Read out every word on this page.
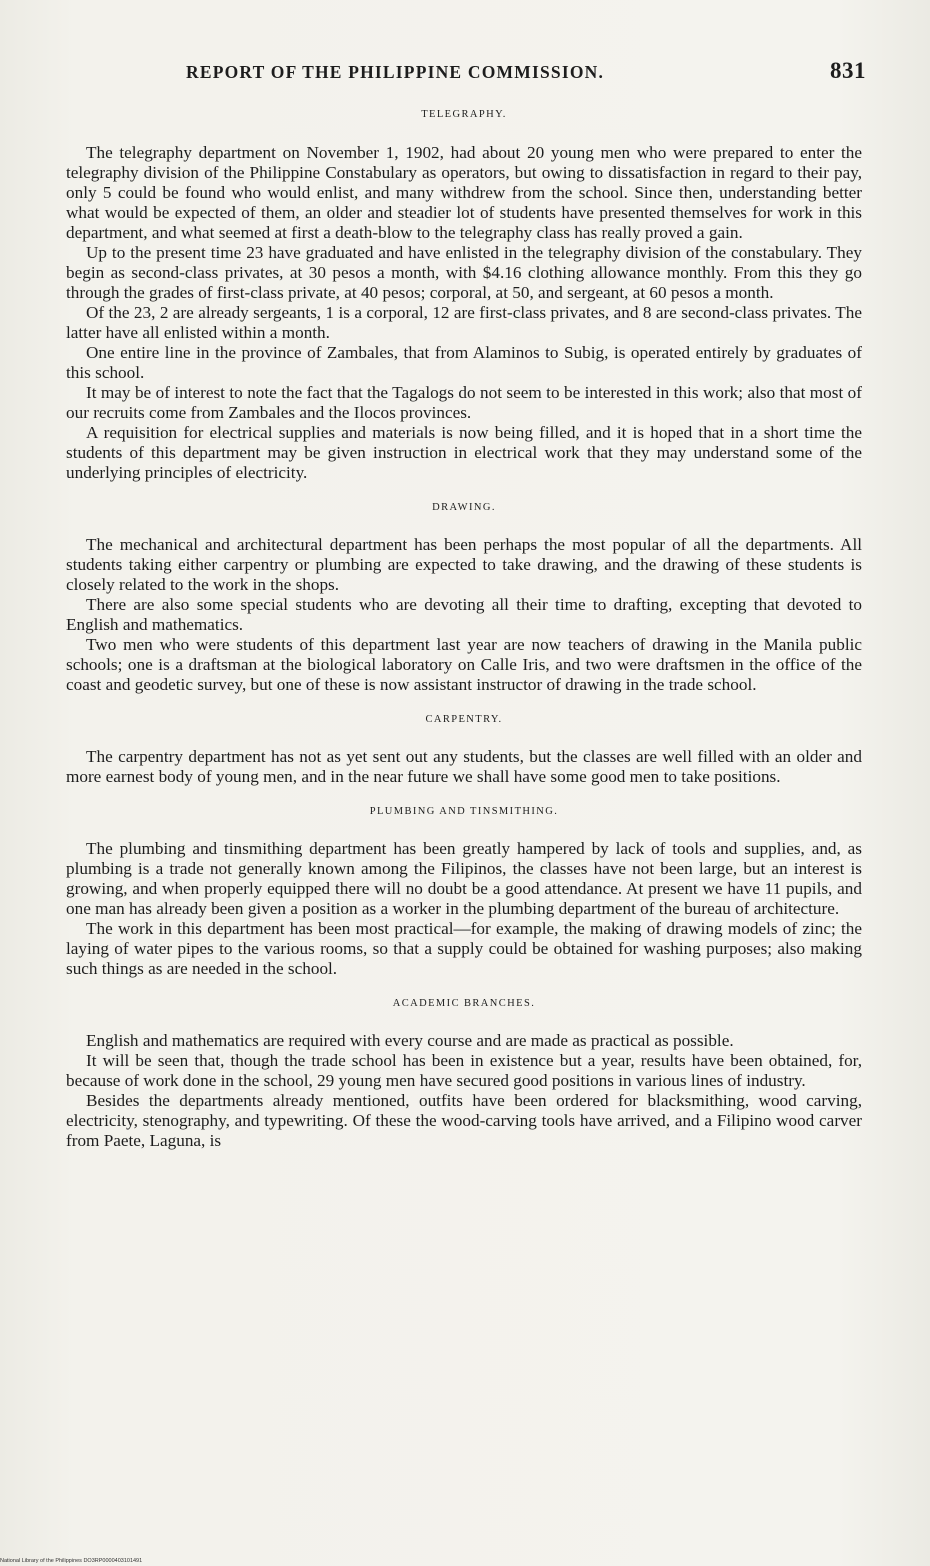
REPORT OF THE PHILIPPINE COMMISSION.	831
TELEGRAPHY.

The telegraphy department on November 1, 1902, had about 20 young men who were prepared to enter the telegraphy division of the Philippine Constabulary as operators, but owing to dissatisfaction in regard to their pay, only 5 could be found who would enlist, and many withdrew from the school. Since then, understanding better what would be expected of them, an older and steadier lot of students have presented themselves for work in this department, and what seemed at first a death-blow to the telegraphy class has really proved a gain.

Up to the present time 23 have graduated and have enlisted in the telegraphy division of the constabulary. They begin as second-class privates, at 30 pesos a month, with $4.16 clothing allowance monthly. From this they go through the grades of first-class private, at 40 pesos; corporal, at 50, and sergeant, at 60 pesos a month.

Of the 23, 2 are already sergeants, 1 is a corporal, 12 are first-class privates, and 8 are second-class privates. The latter have all enlisted within a month.

One entire line in the province of Zambales, that from Alaminos to Subig, is operated entirely by graduates of this school.

It may be of interest to note the fact that the Tagalogs do not seem to be interested in this work; also that most of our recruits come from Zambales and the Ilocos provinces.

A requisition for electrical supplies and materials is now being filled, and it is hoped that in a short time the students of this department may be given instruction in electrical work that they may understand some of the underlying principles of electricity.

DRAWING.

The mechanical and architectural department has been perhaps the most popular of all the departments. All students taking either carpentry or plumbing are expected to take drawing, and the drawing of these students is closely related to the work in the shops.

There are also some special students who are devoting all their time to drafting, excepting that devoted to English and mathematics.

Two men who were students of this department last year are now teachers of drawing in the Manila public schools; one is a draftsman at the biological laboratory on Calle Iris, and two were draftsmen in the office of the coast and geodetic survey, but one of these is now assistant instructor of drawing in the trade school.

CARPENTRY.

The carpentry department has not as yet sent out any students, but the classes are well filled with an older and more earnest body of young men, and in the near future we shall have some good men to take positions.

PLUMBING AND TINSMITHING.

The plumbing and tinsmithing department has been greatly hampered by lack of tools and supplies, and, as plumbing is a trade not generally known among the Filipinos, the classes have not been large, but an interest is growing, and when properly equipped there will no doubt be a good attendance. At present we have 11 pupils, and one man has already been given a position as a worker in the plumbing department of the bureau of architecture.

The work in this department has been most practical—for example, the making of drawing models of zinc; the laying of water pipes to the various rooms, so that a supply could be obtained for washing purposes; also making such things as are needed in the school.

ACADEMIC BRANCHES.

English and mathematics are required with every course and are made as practical as possible.

It will be seen that, though the trade school has been in existence but a year, results have been obtained, for, because of work done in the school, 29 young men have secured good positions in various lines of industry.

Besides the departments already mentioned, outfits have been ordered for blacksmithing, wood carving, electricity, stenography, and typewriting. Of these the wood-carving tools have arrived, and a Filipino wood carver from Paete, Laguna, is

National Library of the Philippines DO3RP0000403101491
